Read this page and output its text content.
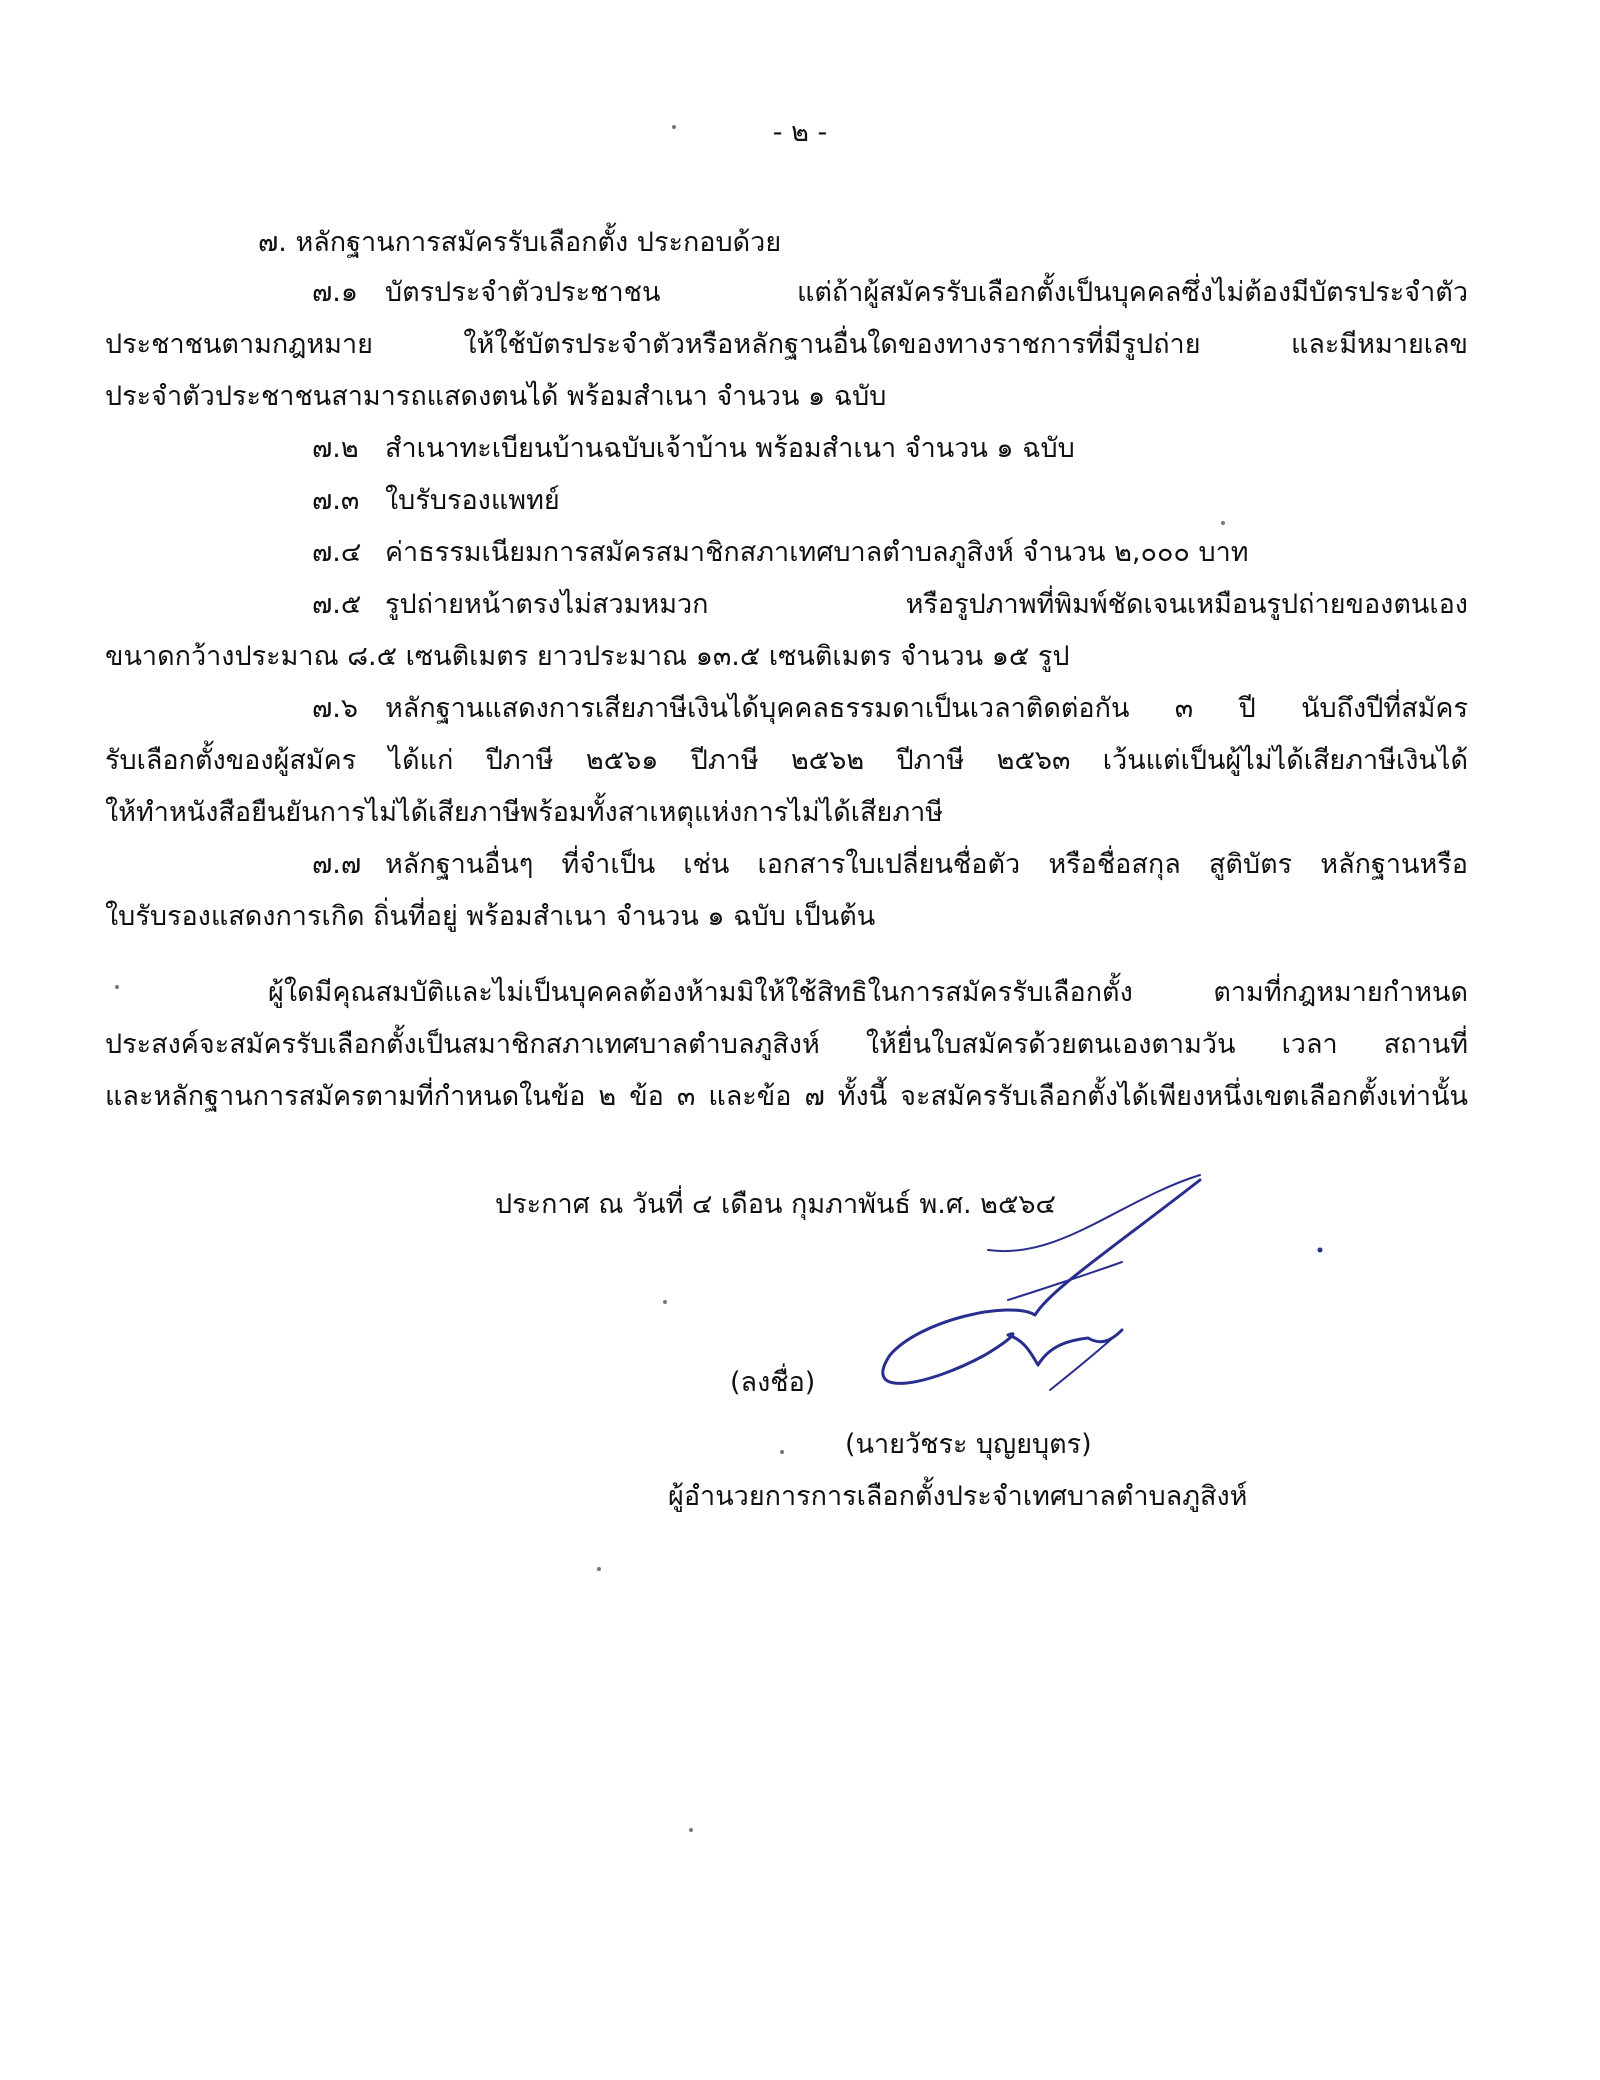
- ๒ -
๗. หลักฐานการสมัครรับเลือกตั้ง ประกอบด้วย
๗.๑ บัตรประจำตัวประชาชน แต่ถ้าผู้สมัครรับเลือกตั้งเป็นบุคคลซึ่งไม่ต้องมีบัตรประจำตัว
ประชาชนตามกฎหมาย ให้ใช้บัตรประจำตัวหรือหลักฐานอื่นใดของทางราชการที่มีรูปถ่าย และมีหมายเลข
ประจำตัวประชาชนสามารถแสดงตนได้ พร้อมสำเนา จำนวน ๑ ฉบับ
๗.๒ สำเนาทะเบียนบ้านฉบับเจ้าบ้าน พร้อมสำเนา จำนวน ๑ ฉบับ
๗.๓ ใบรับรองแพทย์
๗.๔ ค่าธรรมเนียมการสมัครสมาชิกสภาเทศบาลตำบลภูสิงห์ จำนวน ๒,๐๐๐ บาท
๗.๕ รูปถ่ายหน้าตรงไม่สวมหมวก หรือรูปภาพที่พิมพ์ชัดเจนเหมือนรูปถ่ายของตนเอง
ขนาดกว้างประมาณ ๘.๕ เซนติเมตร ยาวประมาณ ๑๓.๕ เซนติเมตร จำนวน ๑๕ รูป
๗.๖ หลักฐานแสดงการเสียภาษีเงินได้บุคคลธรรมดาเป็นเวลาติดต่อกัน ๓ ปี นับถึงปีที่สมัคร
รับเลือกตั้งของผู้สมัคร ได้แก่ ปีภาษี ๒๕๖๑ ปีภาษี ๒๕๖๒ ปีภาษี ๒๕๖๓ เว้นแต่เป็นผู้ไม่ได้เสียภาษีเงินได้
ให้ทำหนังสือยืนยันการไม่ได้เสียภาษีพร้อมทั้งสาเหตุแห่งการไม่ได้เสียภาษี
๗.๗ หลักฐานอื่นๆ ที่จำเป็น เช่น เอกสารใบเปลี่ยนชื่อตัว หรือชื่อสกุล สูติบัตร หลักฐานหรือ
ใบรับรองแสดงการเกิด ถิ่นที่อยู่ พร้อมสำเนา จำนวน ๑ ฉบับ เป็นต้น
ผู้ใดมีคุณสมบัติและไม่เป็นบุคคลต้องห้ามมิให้ใช้สิทธิในการสมัครรับเลือกตั้ง ตามที่กฎหมายกำหนด
ประสงค์จะสมัครรับเลือกตั้งเป็นสมาชิกสภาเทศบาลตำบลภูสิงห์ ให้ยื่นใบสมัครด้วยตนเองตามวัน เวลา สถานที่
และหลักฐานการสมัครตามที่กำหนดในข้อ ๒ ข้อ ๓ และข้อ ๗ ทั้งนี้ จะสมัครรับเลือกตั้งได้เพียงหนึ่งเขตเลือกตั้งเท่านั้น
ประกาศ ณ วันที่ ๔ เดือน กุมภาพันธ์ พ.ศ. ๒๕๖๔
(ลงชื่อ)
(นายวัชระ บุญยบุตร)
ผู้อำนวยการการเลือกตั้งประจำเทศบาลตำบลภูสิงห์
